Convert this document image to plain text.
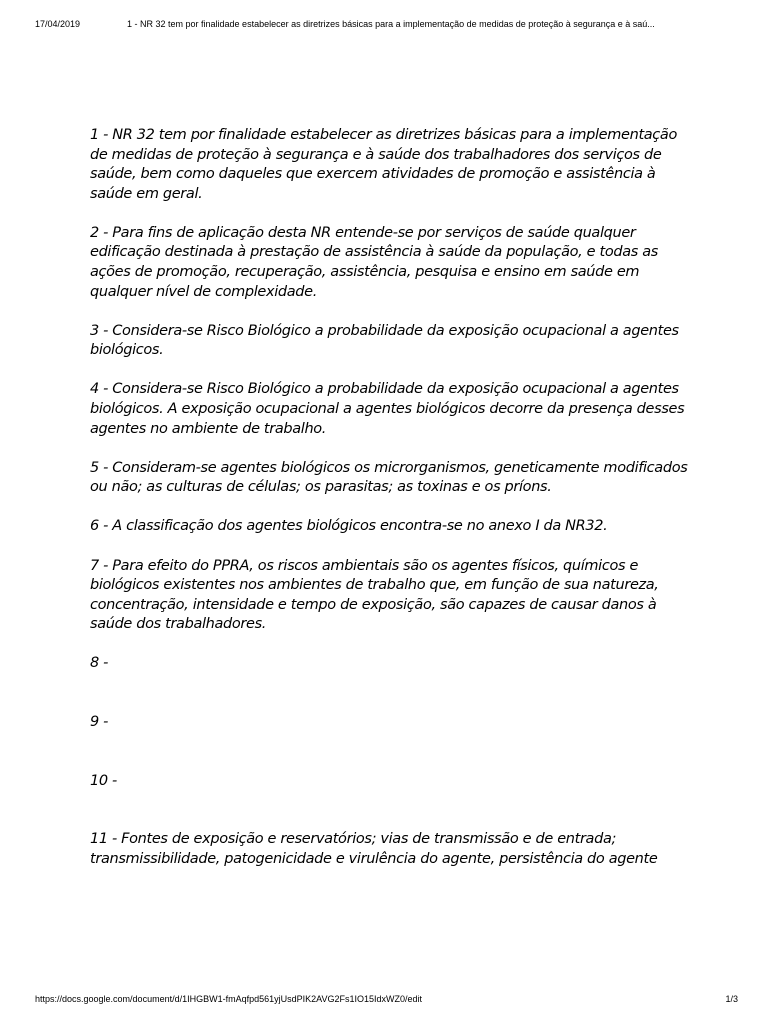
17/04/2019	1 - NR 32 tem por finalidade estabelecer as diretrizes básicas para a implementação de medidas de proteção à segurança e à saú...

1 - NR 32 tem por finalidade estabelecer as diretrizes básicas para a implementação de medidas de proteção à segurança e à saúde dos trabalhadores dos serviços de saúde, bem como daqueles que exercem atividades de promoção e assistência à saúde em geral.

2 - Para fins de aplicação desta NR entende-se por serviços de saúde qualquer edificação destinada à prestação de assistência à saúde da população, e todas as ações de promoção, recuperação, assistência, pesquisa e ensino em saúde em qualquer nível de complexidade.

3 - Considera-se Risco Biológico a probabilidade da exposição ocupacional a agentes biológicos.

4 - Considera-se Risco Biológico a probabilidade da exposição ocupacional a agentes biológicos. A exposição ocupacional a agentes biológicos decorre da presença desses agentes no ambiente de trabalho.

5 - Consideram-se agentes biológicos os microrganismos, geneticamente modificados ou não; as culturas de células; os parasitas; as toxinas e os príons.

6 - A classificação dos agentes biológicos encontra-se no anexo I da NR32.

7 - Para efeito do PPRA, os riscos ambientais são os agentes físicos, químicos e biológicos existentes nos ambientes de trabalho que, em função de sua natureza, concentração, intensidade e tempo de exposição, são capazes de causar danos à saúde dos trabalhadores.

8 -

9 -

10 -

11 - Fontes de exposição e reservatórios; vias de transmissão e de entrada; transmissibilidade, patogenicidade e virulência do agente, persistência do agente

https://docs.google.com/document/d/1IHGBW1-fmAqfpd561yjUsdPIK2AVG2Fs1IO15IdxWZ0/edit	1/3
